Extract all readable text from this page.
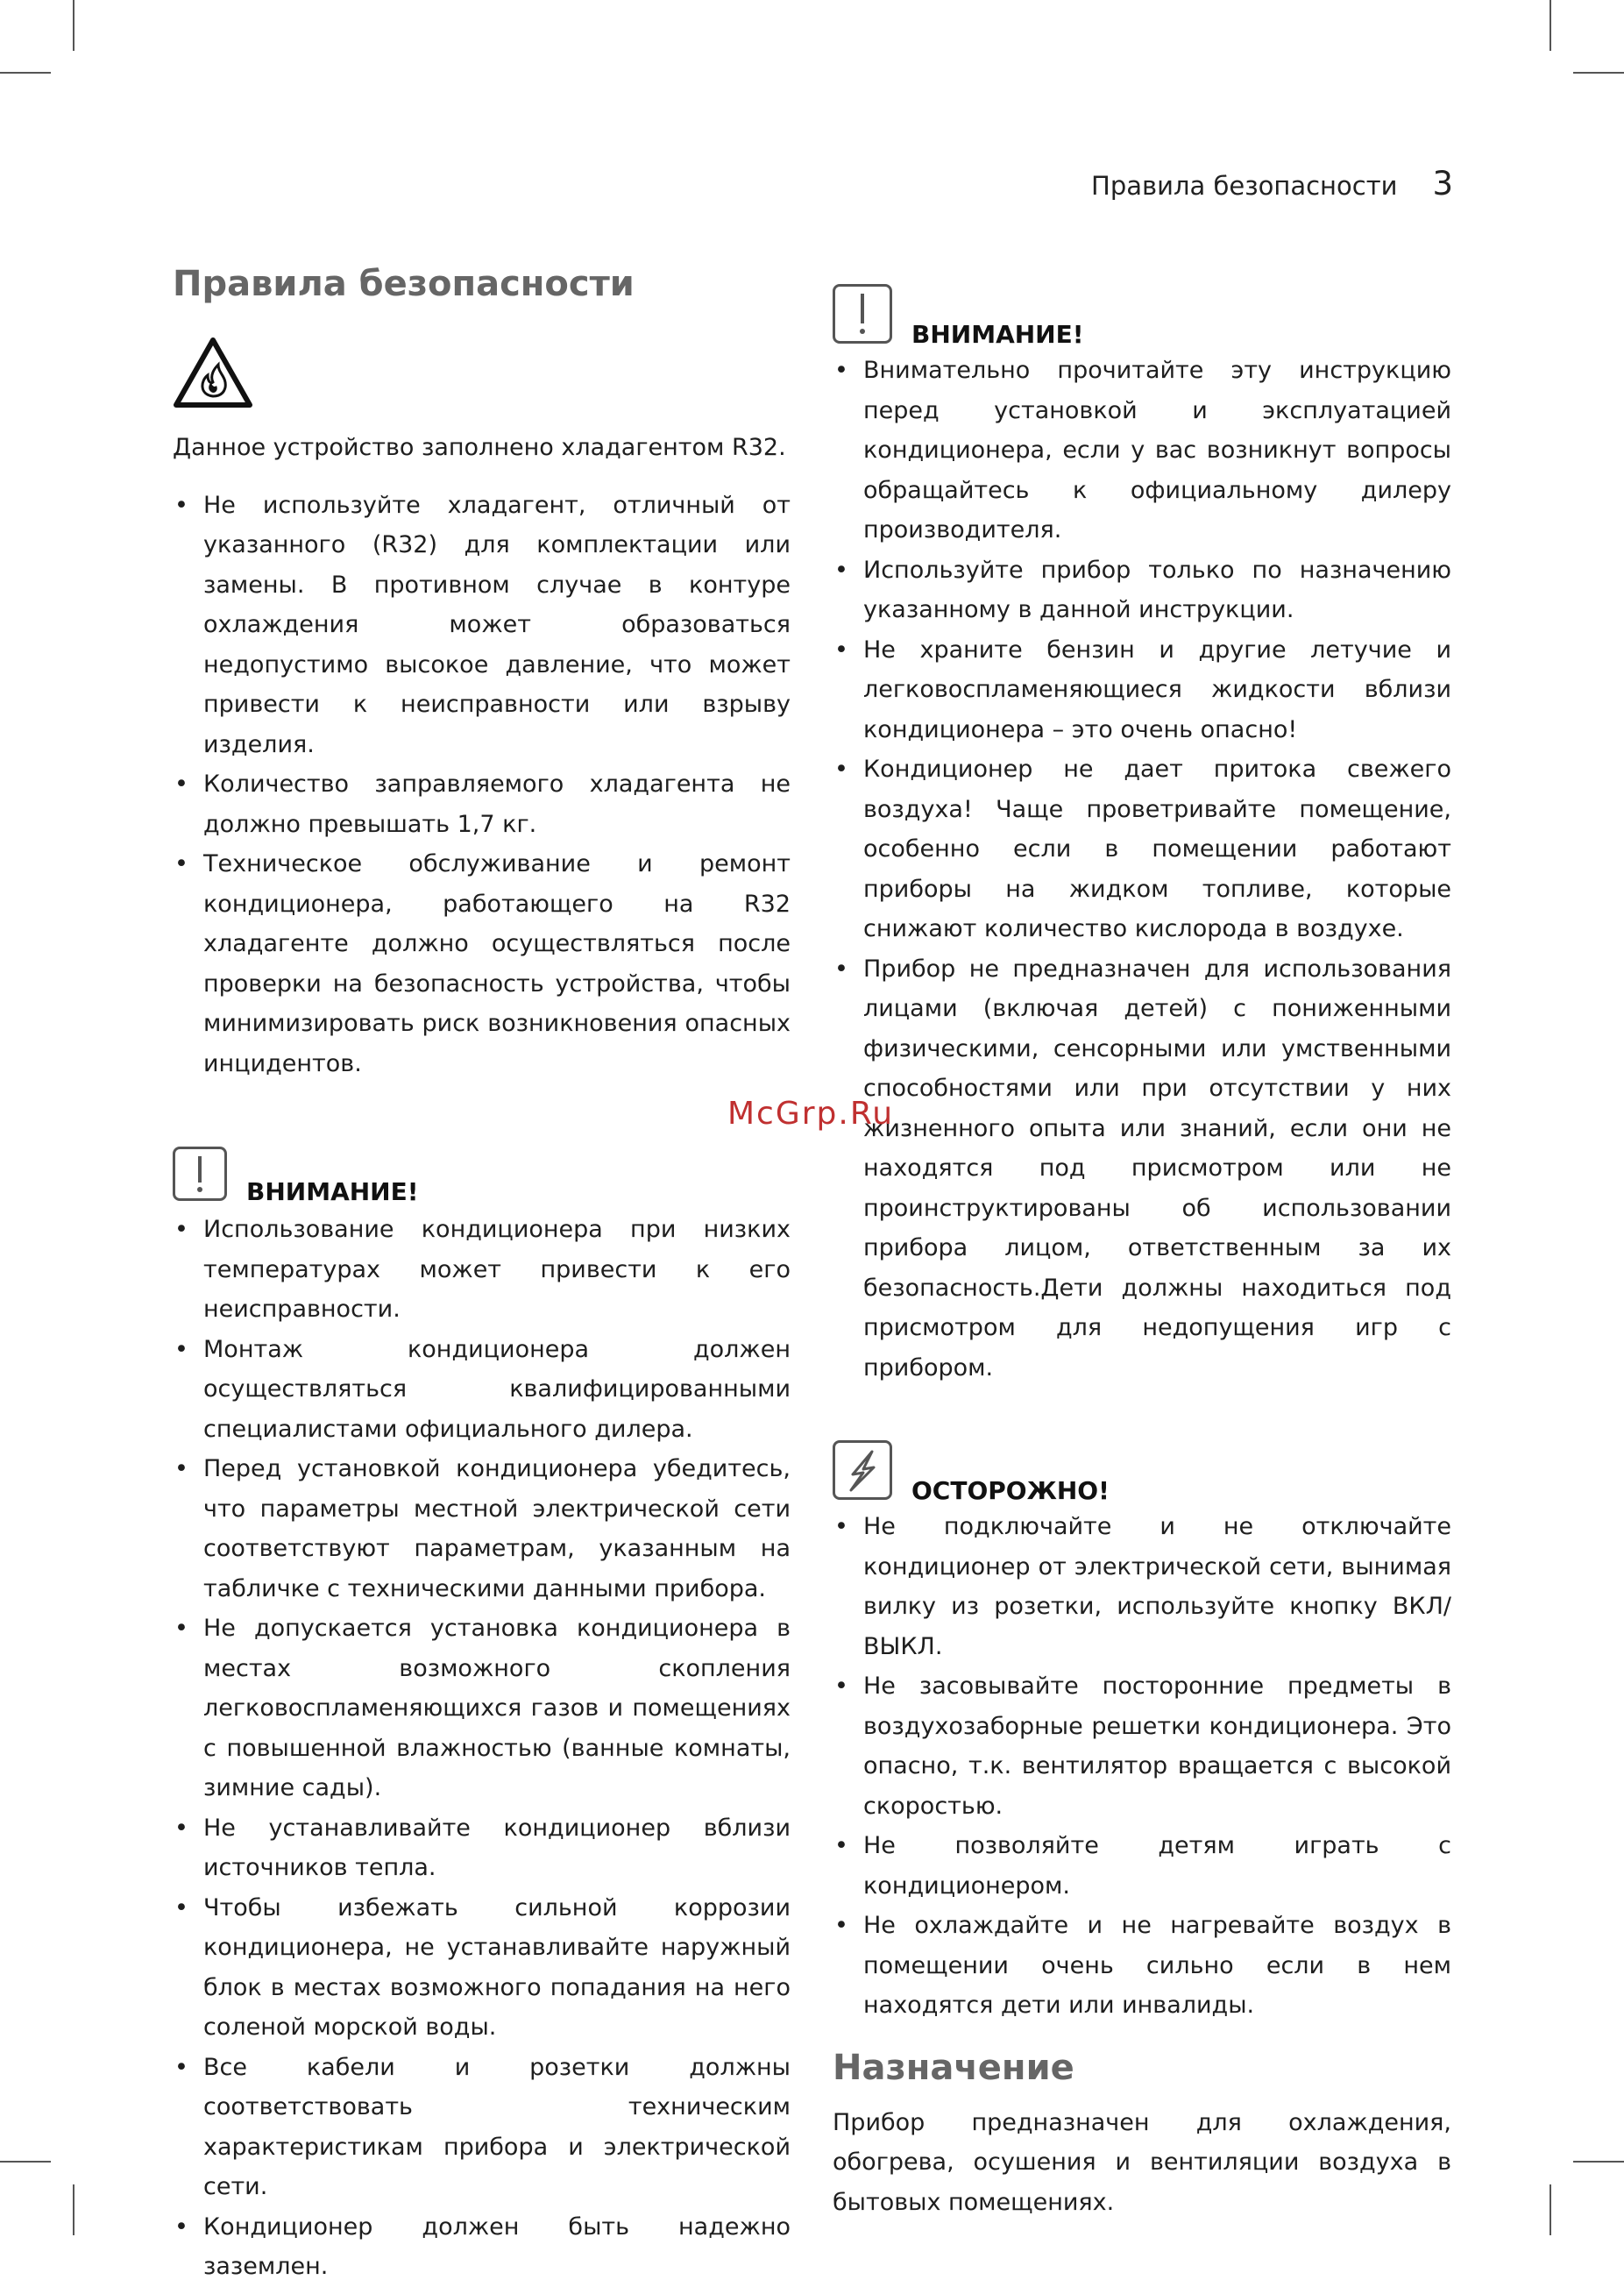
Правила безопасности 3
Правила безопасности

Данное устройство заполнено хладагентом R32.

• Не используйте хладагент, отличный от указанного (R32) для комплектации или замены. В противном случае в контуре охлаждения может образоваться недопустимо высокое давление, что может привести к неисправности или взрыву изделия.
• Количество заправляемого хладагента не должно превышать 1,7 кг.
• Техническое обслуживание и ремонт кондиционера, работающего на R32 хладагенте должно осуществляться после проверки на безопасность устройства, чтобы минимизировать риск возникновения опасных инцидентов.
ВНИМАНИЕ!
• Использование кондиционера при низких температурах может привести к его неисправности.
• Монтаж кондиционера должен осуществляться квалифицированными специалистами официального дилера.
• Перед установкой кондиционера убедитесь, что параметры местной электрической сети соответствуют параметрам, указанным на табличке с техническими данными прибора.
• Не допускается установка кондиционера в местах возможного скопления легковоспламеняющихся газов и помещениях с повышенной влажностью (ванные комнаты, зимние сады).
• Не устанавливайте кондиционер вблизи источников тепла.
• Чтобы избежать сильной коррозии кондиционера, не устанавливайте наружный блок в местах возможного попадания на него соленой морской воды.
• Все кабели и розетки должны соответствовать техническим характеристикам прибора и электрической сети.
• Кондиционер должен быть надежно заземлен.
ВНИМАНИЕ!
• Внимательно прочитайте эту инструкцию перед установкой и эксплуатацией кондиционера, если у вас возникнут вопросы обращайтесь к официальному дилеру производителя.
• Используйте прибор только по назначению указанному в данной инструкции.
• Не храните бензин и другие летучие и легковоспламеняющиеся жидкости вблизи кондиционера – это очень опасно!
• Кондиционер не дает притока свежего воздуха! Чаще проветривайте помещение, особенно если в помещении работают приборы на жидком топливе, которые снижают количество кислорода в воздухе.
• Прибор не предназначен для использования лицами (включая детей) с пониженными физическими, сенсорными или умственными способностями или при отсутствии у них жизненного опыта или знаний, если они не находятся под присмотром или не проинструктированы об использовании прибора лицом, ответственным за их безопасность.Дети должны находиться под присмотром для недопущения игр с прибором.
ОСТОРОЖНО!
• Не подключайте и не отключайте кондиционер от электрической сети, вынимая вилку из розетки, используйте кнопку ВКЛ/ВЫКЛ.
• Не засовывайте посторонние предметы в воздухозаборные решетки кондиционера. Это опасно, т.к. вентилятор вращается с высокой скоростью.
• Не позволяйте детям играть с кондиционером.
• Не охлаждайте и не нагревайте воздух в помещении очень сильно если в нем находятся дети или инвалиды.
Назначение

Прибор предназначен для охлаждения, обогрева, осушения и вентиляции воздуха в бытовых помещениях.

McGrp.Ru
